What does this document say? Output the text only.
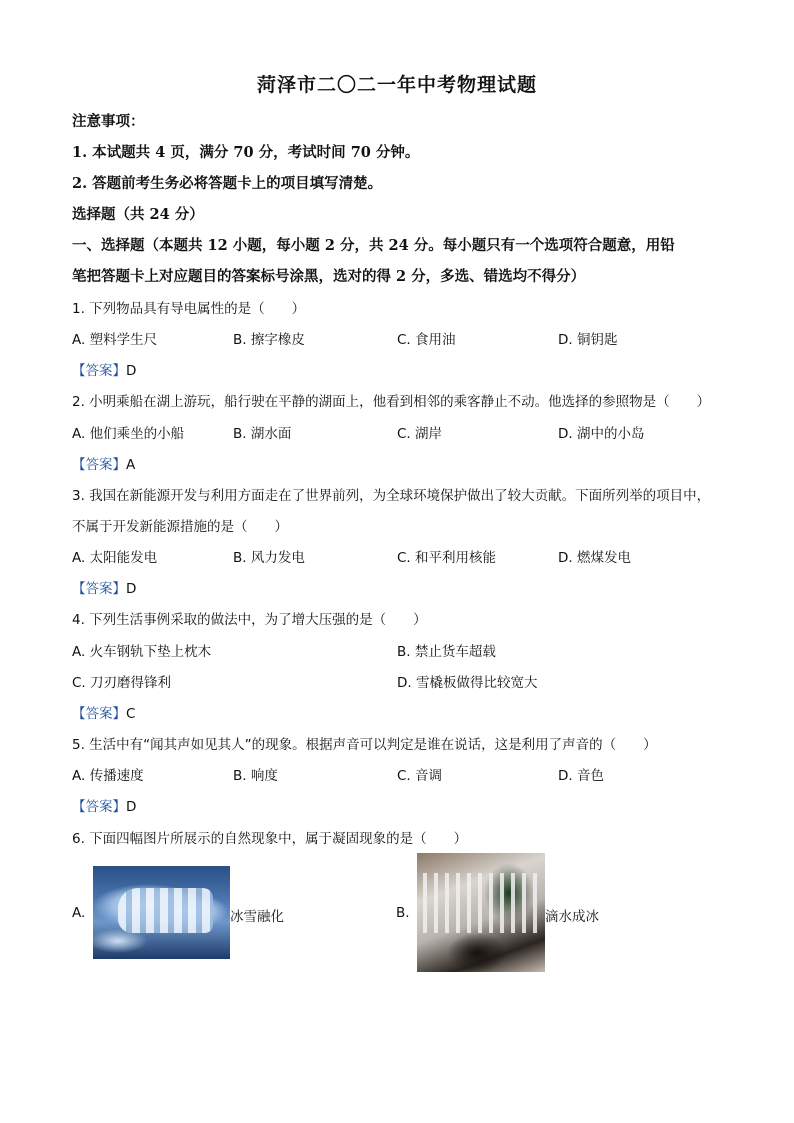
菏泽市二〇二一年中考物理试题
注意事项：
1. 本试题共 4 页，满分 70 分，考试时间 70 分钟。
2. 答题前考生务必将答题卡上的项目填写清楚。
选择题（共 24 分）
一、选择题（本题共 12 小题，每小题 2 分，共 24 分。每小题只有一个选项符合题意，用铅
笔把答题卡上对应题目的答案标号涂黑，选对的得 2 分，多选、错选均不得分）
1. 下列物品具有导电属性的是（　　）
A. 塑料学生尺	B. 擦字橡皮	C. 食用油	D. 铜钥匙
【答案】D
2. 小明乘船在湖上游玩，船行驶在平静的湖面上，他看到相邻的乘客静止不动。他选择的参照物是（　　）
A. 他们乘坐的小船	B. 湖水面	C. 湖岸	D. 湖中的小岛
【答案】A
3. 我国在新能源开发与利用方面走在了世界前列，为全球环境保护做出了较大贡献。下面所列举的项目中，
不属于开发新能源措施的是（　　）
A. 太阳能发电	B. 风力发电	C. 和平利用核能	D. 燃煤发电
【答案】D
4. 下列生活事例采取的做法中，为了增大压强的是（　　）
A. 火车钢轨下垫上枕木	B. 禁止货车超载
C. 刀刃磨得锋利	D. 雪橇板做得比较宽大
【答案】C
5. 生活中有“闻其声如见其人”的现象。根据声音可以判定是谁在说话，这是利用了声音的（　　）
A. 传播速度	B. 响度	C. 音调	D. 音色
【答案】D
6. 下面四幅图片所展示的自然现象中，属于凝固现象的是（　　）
A.	冰雪融化	B.	滴水成冰
